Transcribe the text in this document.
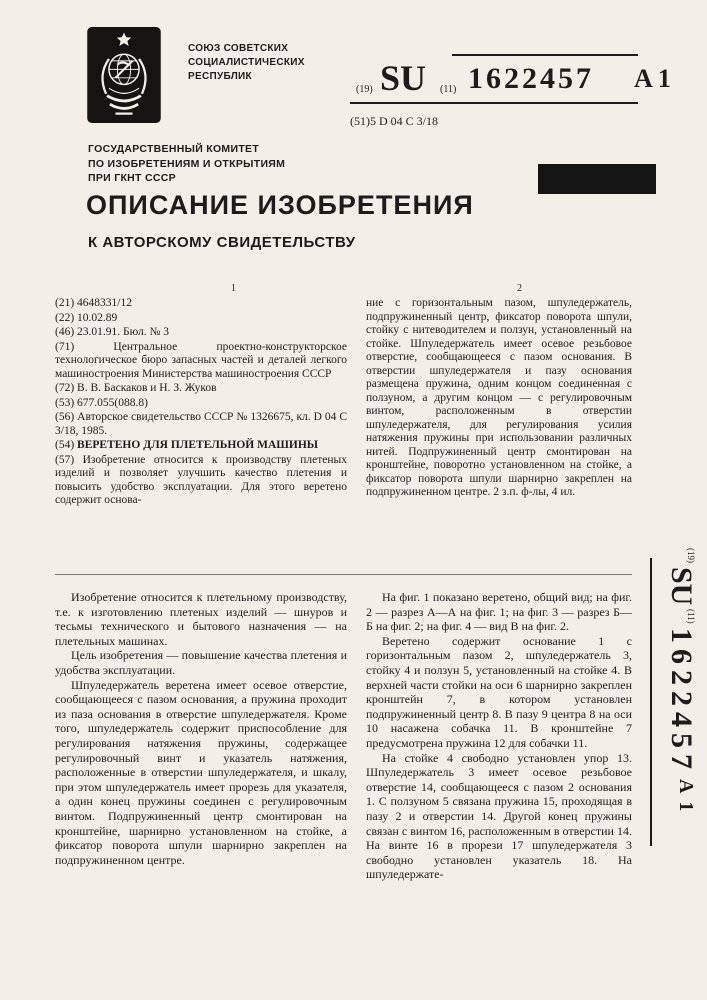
СОЮЗ СОВЕТСКИХ
СОЦИАЛИСТИЧЕСКИХ
РЕСПУБЛИК
(19) SU (11) 1622457 A 1
(51)5 D 04 C 3/18
ГОСУДАРСТВЕННЫЙ КОМИТЕТ
ПО ИЗОБРЕТЕНИЯМ И ОТКРЫТИЯМ
ПРИ ГКНТ СССР
ОПИСАНИЕ ИЗОБРЕТЕНИЯ
К АВТОРСКОМУ СВИДЕТЕЛЬСТВУ
1	2
(21) 4648331/12
(22) 10.02.89
(46) 23.01.91. Бюл. № 3
(71)	Центральное проектно-конструкторское технологическое бюро запасных частей и деталей легкого машиностроения Министерства машиностроения СССР
(72) В. В. Баскаков и Н. З. Жуков
(53) 677.055(088.8)
(56) Авторское свидетельство СССР № 1326675, кл. D 04 C 3/18, 1985.
(54) ВЕРЕТЕНО ДЛЯ ПЛЕТЕЛЬНОЙ МАШИНЫ
(57) Изобретение относится к производству плетеных изделий и позволяет улучшить качество плетения и повысить удобство эксплуатации. Для этого веретено содержит основа-
ние с горизонтальным пазом, шпуледержатель, подпружиненный центр, фиксатор поворота шпули, стойку с нитеводителем и ползун, установленный на стойке. Шпуледержатель имеет осевое резьбовое отверстие, сообщающееся с пазом основания. В отверстии шпуледержателя и пазу основания размещена пружина, одним концом соединенная с ползуном, а другим концом — с регулировочным винтом, расположенным в отверстии шпуледержателя, для регулирования усилия натяжения пружины при использовании различных нитей. Подпружиненный центр смонтирован на кронштейне, поворотно установленном на стойке, а фиксатор поворота шпули шарнирно закреплен на подпружиненном центре. 2 з.п. ф-лы, 4 ил.

Изобретение относится к плетельному производству, т.е. к изготовлению плетеных изделий — шнуров и тесьмы технического и бытового назначения — на плетельных машинах.

Цель изобретения — повышение качества плетения и удобства эксплуатации.

Шпуледержатель веретена имеет осевое отверстие, сообщающееся с пазом основания, а пружина проходит из паза основания в отверстие шпуледержателя. Кроме того, шпуледержатель содержит приспособление для регулирования натяжения пружины, содержащее регулировочный винт и указатель натяжения, расположенные в отверстии шпуледержателя, и шкалу, при этом шпуледержатель имеет прорезь для указателя, а один конец пружины соединен с регулировочным винтом. Подпружиненный центр смонтирован на кронштейне, шарнирно установленном на стойке, а фиксатор поворота шпули шарнирно закреплен на подпружиненном центре.

На фиг. 1 показано веретено, общий вид; на фиг. 2 — разрез А—А на фиг. 1; на фиг. 3 — разрез Б—Б на фиг. 2; на фиг. 4 — вид В на фиг. 2.

Веретено содержит основание 1 с горизонтальным пазом 2, шпуледержатель 3, стойку 4 и ползун 5, установленный на стойке 4. В верхней части стойки на оси 6 шарнирно закреплен кронштейн 7, в котором установлен подпружиненный центр 8. В пазу 9 центра 8 на оси 10 насажена собачка 11. В кронштейне 7 предусмотрена пружина 12 для собачки 11.

На стойке 4 свободно установлен упор 13. Шпуледержатель 3 имеет осевое резьбовое отверстие 14, сообщающееся с пазом 2 основания 1. С ползуном 5 связана пружина 15, проходящая в пазу 2 и отверстии 14. Другой конец пружины связан с винтом 16, расположенным в отверстии 14. На винте 16 в прорези 17 шпуледержателя 3 свободно установлен указатель 18. На шпуледержате-

(19)
SU
(11)
1622457
A 1
